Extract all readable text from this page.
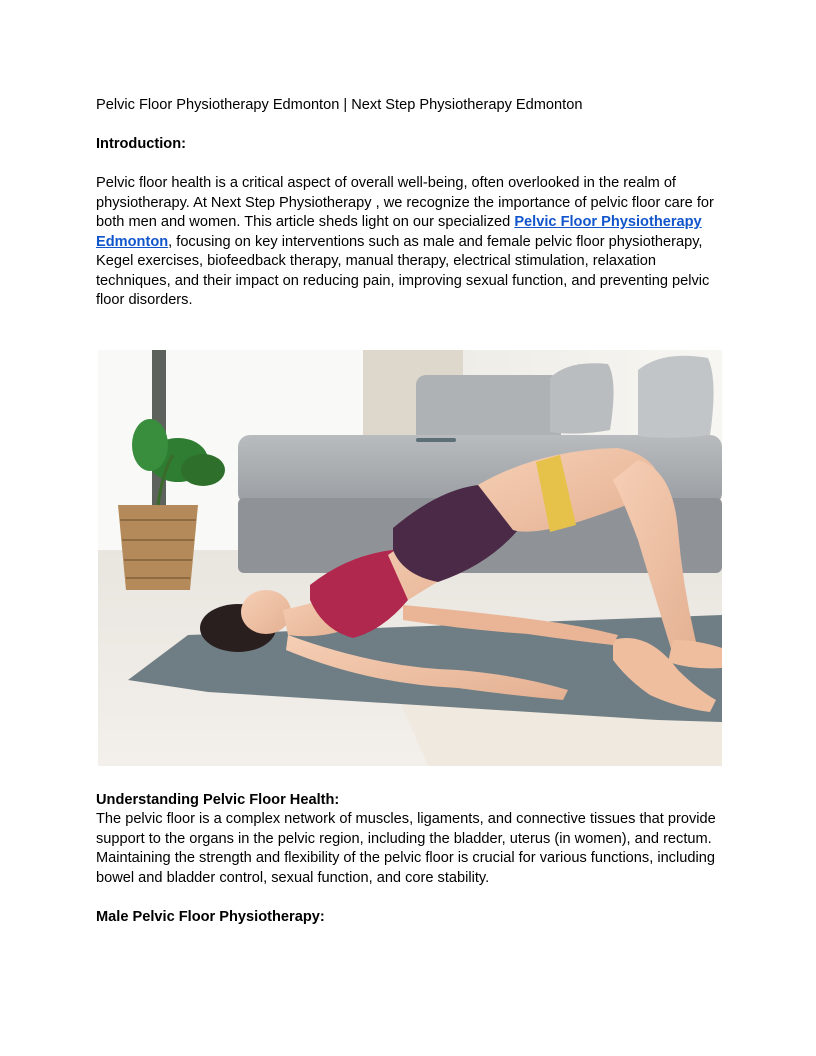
Pelvic Floor Physiotherapy Edmonton | Next Step Physiotherapy Edmonton
Introduction:
Pelvic floor health is a critical aspect of overall well-being, often overlooked in the realm of physiotherapy. At Next Step Physiotherapy , we recognize the importance of pelvic floor care for both men and women. This article sheds light on our specialized Pelvic Floor Physiotherapy Edmonton, focusing on key interventions such as male and female pelvic floor physiotherapy, Kegel exercises, biofeedback therapy, manual therapy, electrical stimulation, relaxation techniques, and their impact on reducing pain, improving sexual function, and preventing pelvic floor disorders.
Understanding Pelvic Floor Health:
The pelvic floor is a complex network of muscles, ligaments, and connective tissues that provide support to the organs in the pelvic region, including the bladder, uterus (in women), and rectum. Maintaining the strength and flexibility of the pelvic floor is crucial for various functions, including bowel and bladder control, sexual function, and core stability.
Male Pelvic Floor Physiotherapy:
